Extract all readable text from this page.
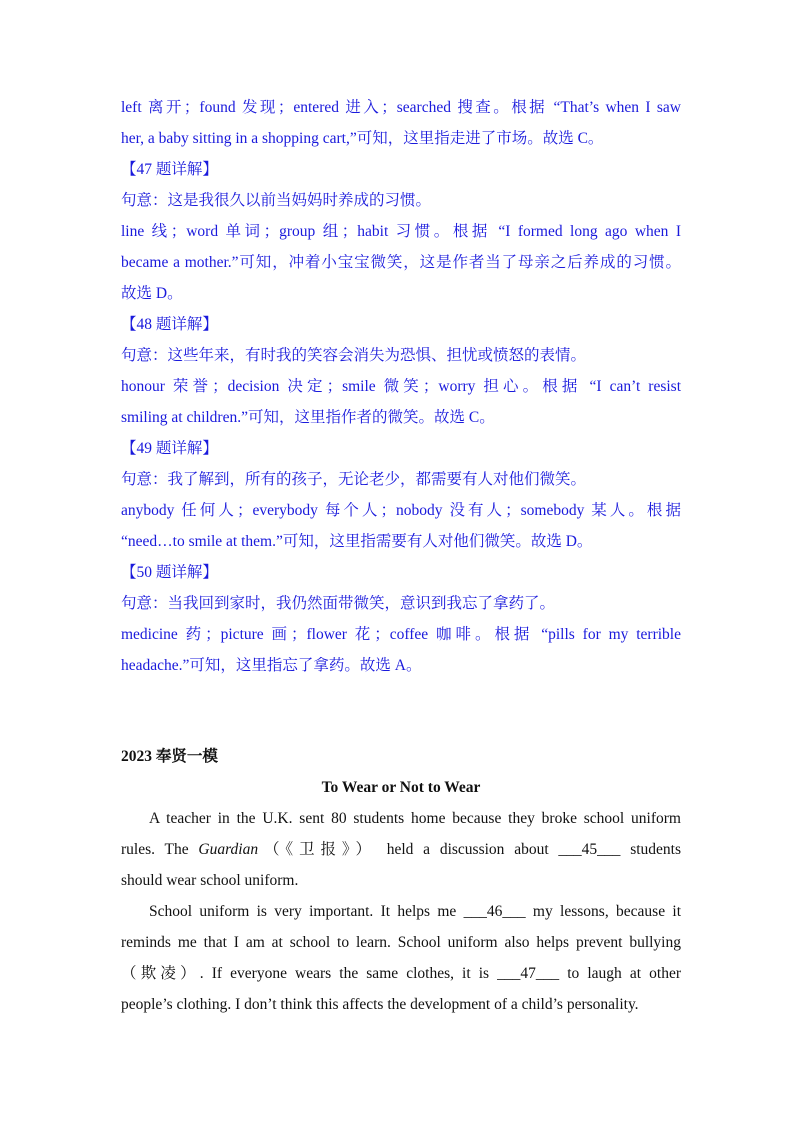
left 离开；found 发现；entered 进入；searched 搜查。根据 “That’s when I saw
her, a baby sitting in a shopping cart,”可知，这里指走进了市场。故选 C。
【47 题详解】
句意：这是我很久以前当妈妈时养成的习惯。
line 线；word 单词；group 组；habit 习惯。根据 “I formed long ago when I
became a mother.”可知，冲着小宝宝微笑，这是作者当了母亲之后养成的习惯。
故选 D。
【48 题详解】
句意：这些年来，有时我的笑容会消失为恐惧、担忧或愤怒的表情。
honour 荣誉；decision 决定；smile 微笑；worry 担心。根据 “I can’t resist
smiling at children.”可知，这里指作者的微笑。故选 C。
【49 题详解】
句意：我了解到，所有的孩子，无论老少，都需要有人对他们微笑。
anybody 任何人；everybody 每个人；nobody 没有人；somebody 某人。根据
“need…to smile at them.”可知，这里指需要有人对他们微笑。故选 D。
【50 题详解】
句意：当我回到家时，我仍然面带微笑，意识到我忘了拿药了。
medicine 药；picture 画；flower 花；coffee 咖啡。根据 “pills for my terrible
headache.”可知，这里指忘了拿药。故选 A。
2023 奉贤一模
To Wear or Not to Wear
A teacher in the U.K. sent 80 students home because they broke school uniform
rules. The Guardian（《卫报》） held a discussion about ___45___ students
should wear school uniform.
School uniform is very important. It helps me ___46___ my lessons, because it
reminds me that I am at school to learn. School uniform also helps prevent bullying
（欺凌）. If everyone wears the same clothes, it is ___47___ to laugh at other
people’s clothing. I don’t think this affects the development of a child’s personality.
